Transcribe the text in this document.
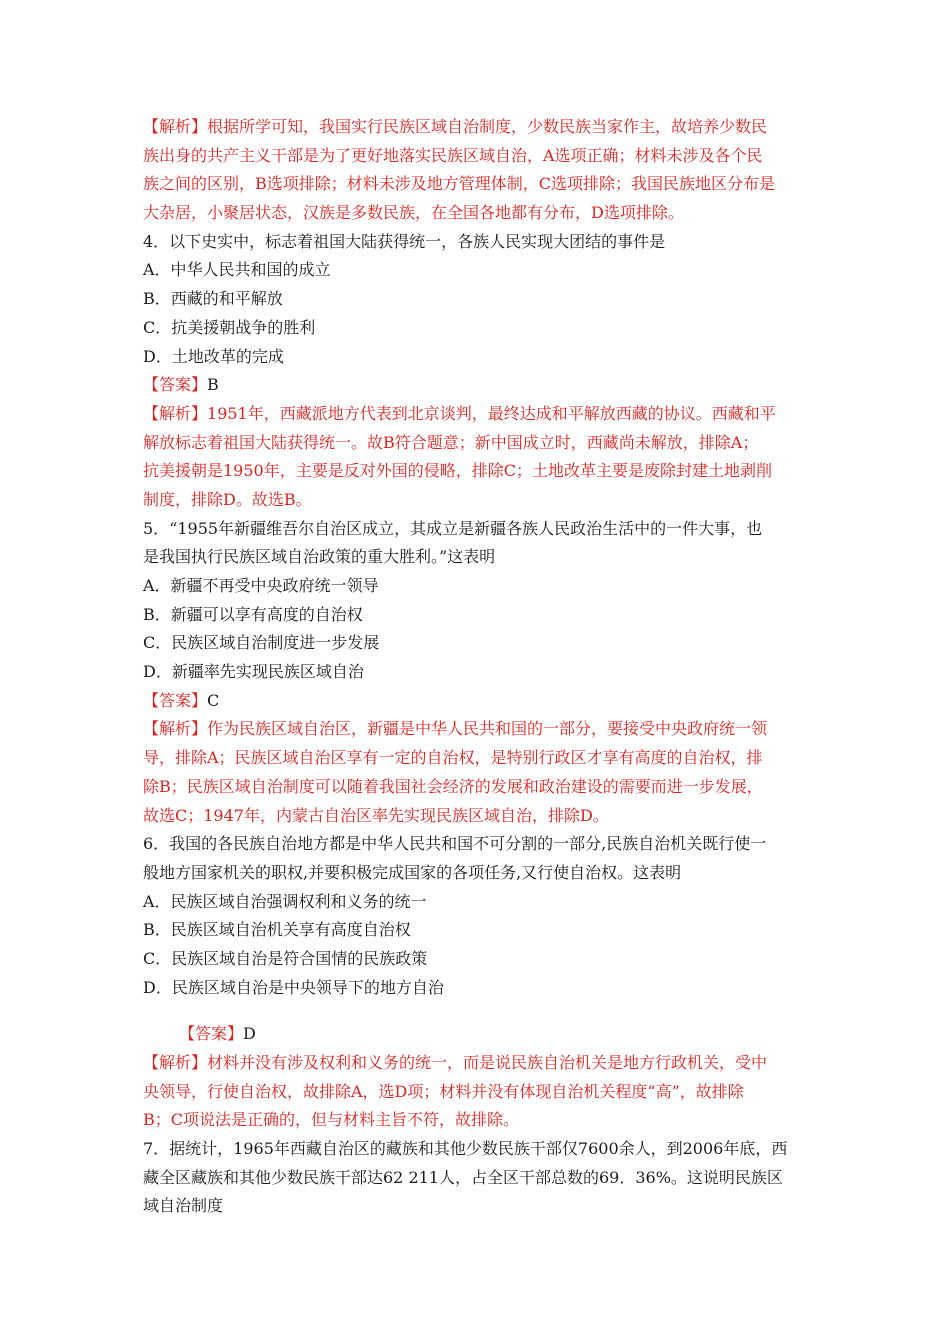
【解析】根据所学可知，我国实行民族区域自治制度，少数民族当家作主，故培养少数民
族出身的共产主义干部是为了更好地落实民族区域自治，A选项正确；材料未涉及各个民
族之间的区别，B选项排除；材料未涉及地方管理体制，C选项排除；我国民族地区分布是
大杂居，小聚居状态，汉族是多数民族，在全国各地都有分布，D选项排除。
4．以下史实中，标志着祖国大陆获得统一，各族人民实现大团结的事件是
A．中华人民共和国的成立
B．西藏的和平解放
C．抗美援朝战争的胜利
D．土地改革的完成
【答案】B
【解析】1951年，西藏派地方代表到北京谈判，最终达成和平解放西藏的协议。西藏和平
解放标志着祖国大陆获得统一。故B符合题意；新中国成立时，西藏尚未解放，排除A；
抗美援朝是1950年，主要是反对外国的侵略，排除C；土地改革主要是废除封建土地剥削
制度，排除D。故选B。
5．“1955年新疆维吾尔自治区成立，其成立是新疆各族人民政治生活中的一件大事，也
是我国执行民族区域自治政策的重大胜利。”这表明
A．新疆不再受中央政府统一领导
B．新疆可以享有高度的自治权
C．民族区域自治制度进一步发展
D．新疆率先实现民族区域自治
【答案】C
【解析】作为民族区域自治区，新疆是中华人民共和国的一部分，要接受中央政府统一领
导，排除A；民族区域自治区享有一定的自治权，是特别行政区才享有高度的自治权，排
除B；民族区域自治制度可以随着我国社会经济的发展和政治建设的需要而进一步发展，
故选C；1947年，内蒙古自治区率先实现民族区域自治，排除D。
6．我国的各民族自治地方都是中华人民共和国不可分割的一部分,民族自治机关既行使一
般地方国家机关的职权,并要积极完成国家的各项任务,又行使自治权。这表明
A．民族区域自治强调权利和义务的统一
B．民族区域自治机关享有高度自治权
C．民族区域自治是符合国情的民族政策
D．民族区域自治是中央领导下的地方自治
【答案】D
【解析】材料并没有涉及权利和义务的统一，而是说民族自治机关是地方行政机关，受中
央领导，行使自治权，故排除A，选D项；材料并没有体现自治机关程度“高”，故排除
B；C项说法是正确的，但与材料主旨不符，故排除。
7．据统计，1965年西藏自治区的藏族和其他少数民族干部仅7600余人，到2006年底，西
藏全区藏族和其他少数民族干部达62 211人，占全区干部总数的69．36%。这说明民族区
域自治制度
